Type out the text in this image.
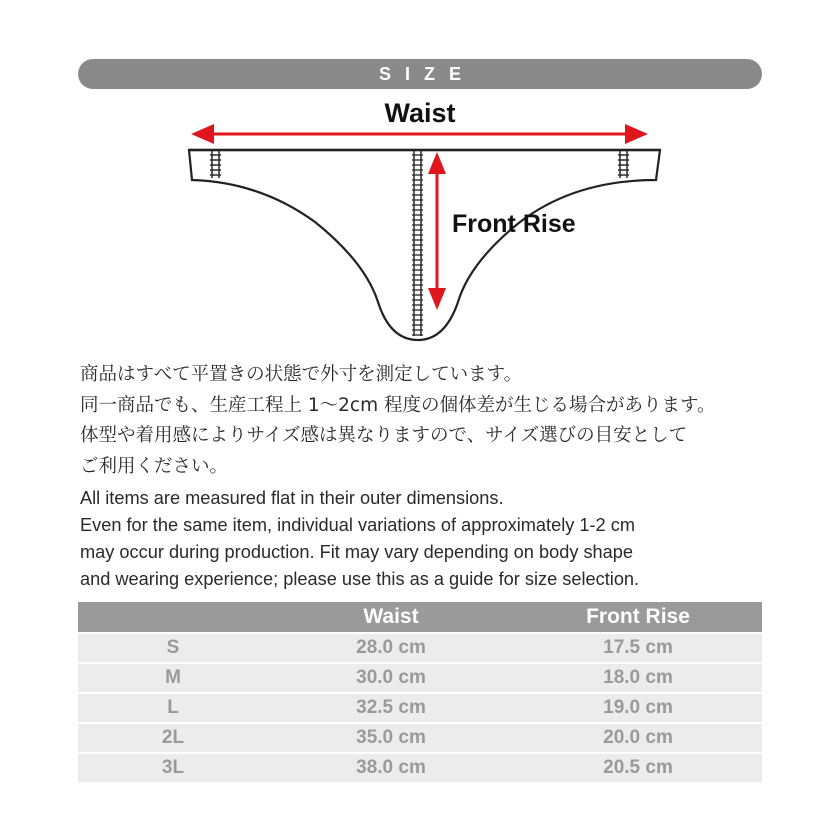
SIZE
Waist
Front Rise
商品はすべて平置きの状態で外寸を測定しています。
同一商品でも、生産工程上 1〜2cm 程度の個体差が生じる場合があります。
体型や着用感によりサイズ感は異なりますので、サイズ選びの目安として
ご利用ください。
All items are measured flat in their outer dimensions.
Even for the same item, individual variations of approximately 1-2 cm
may occur during production. Fit may vary depending on body shape
and wearing experience; please use this as a guide for size selection.
	Waist	Front Rise
S	28.0 cm	17.5 cm
M	30.0 cm	18.0 cm
L	32.5 cm	19.0 cm
2L	35.0 cm	20.0 cm
3L	38.0 cm	20.5 cm
